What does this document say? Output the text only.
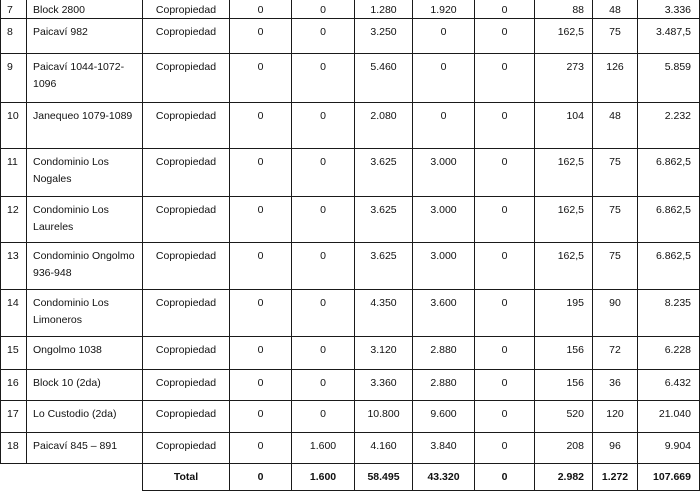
7	Block 2800	Copropiedad	0	0	1.280	1.920	0	88	48	3.336
8	Paicaví 982	Copropiedad	0	0	3.250	0	0	162,5	75	3.487,5
9	Paicaví 1044-1072-1096	Copropiedad	0	0	5.460	0	0	273	126	5.859
10	Janequeo 1079-1089	Copropiedad	0	0	2.080	0	0	104	48	2.232
11	Condominio Los Nogales	Copropiedad	0	0	3.625	3.000	0	162,5	75	6.862,5
12	Condominio Los Laureles	Copropiedad	0	0	3.625	3.000	0	162,5	75	6.862,5
13	Condominio Ongolmo 936-948	Copropiedad	0	0	3.625	3.000	0	162,5	75	6.862,5
14	Condominio Los Limoneros	Copropiedad	0	0	4.350	3.600	0	195	90	8.235
15	Ongolmo 1038	Copropiedad	0	0	3.120	2.880	0	156	72	6.228
16	Block 10 (2da)	Copropiedad	0	0	3.360	2.880	0	156	36	6.432
17	Lo Custodio (2da)	Copropiedad	0	0	10.800	9.600	0	520	120	21.040
18	Paicaví 845 – 891	Copropiedad	0	1.600	4.160	3.840	0	208	96	9.904
		Total	0	1.600	58.495	43.320	0	2.982	1.272	107.669
